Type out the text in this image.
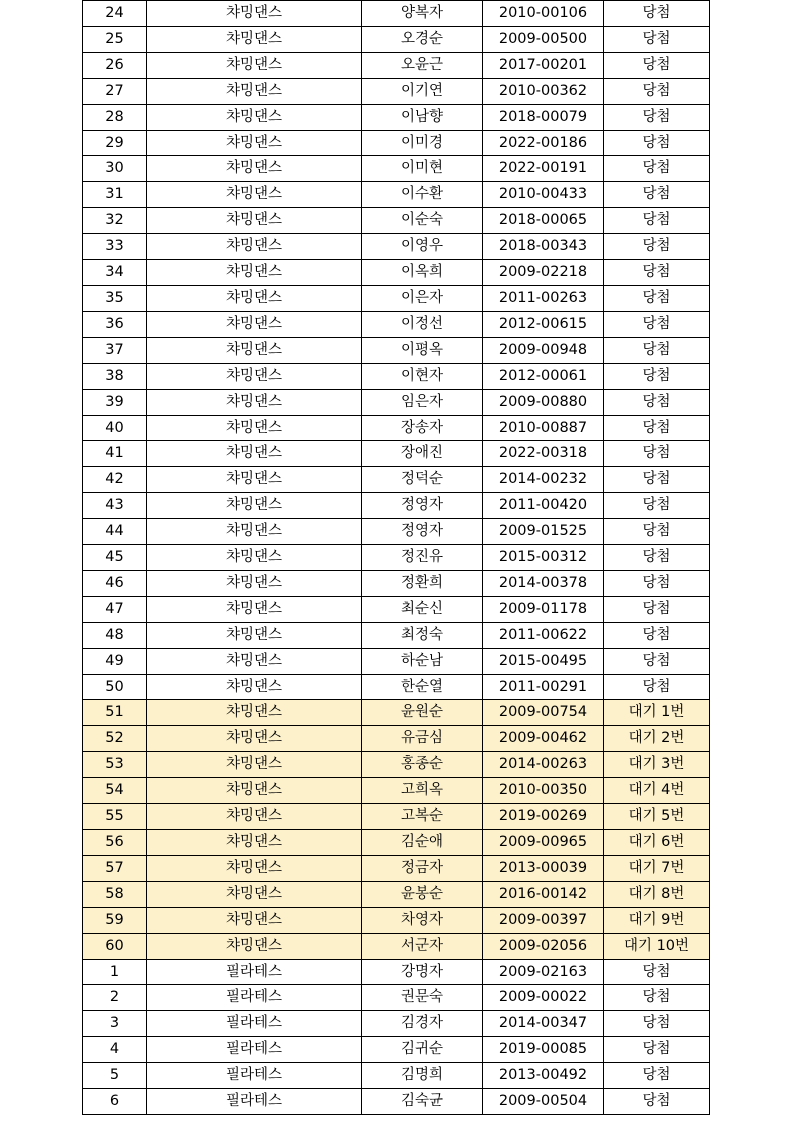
24	챠밍댄스	양복자	2010-00106	당첨
25	챠밍댄스	오경순	2009-00500	당첨
26	챠밍댄스	오윤근	2017-00201	당첨
27	챠밍댄스	이기연	2010-00362	당첨
28	챠밍댄스	이남향	2018-00079	당첨
29	챠밍댄스	이미경	2022-00186	당첨
30	챠밍댄스	이미현	2022-00191	당첨
31	챠밍댄스	이수환	2010-00433	당첨
32	챠밍댄스	이순숙	2018-00065	당첨
33	챠밍댄스	이영우	2018-00343	당첨
34	챠밍댄스	이옥희	2009-02218	당첨
35	챠밍댄스	이은자	2011-00263	당첨
36	챠밍댄스	이정선	2012-00615	당첨
37	챠밍댄스	이평옥	2009-00948	당첨
38	챠밍댄스	이현자	2012-00061	당첨
39	챠밍댄스	임은자	2009-00880	당첨
40	챠밍댄스	장송자	2010-00887	당첨
41	챠밍댄스	장애진	2022-00318	당첨
42	챠밍댄스	정덕순	2014-00232	당첨
43	챠밍댄스	정영자	2011-00420	당첨
44	챠밍댄스	정영자	2009-01525	당첨
45	챠밍댄스	정진유	2015-00312	당첨
46	챠밍댄스	정환희	2014-00378	당첨
47	챠밍댄스	최순신	2009-01178	당첨
48	챠밍댄스	최정숙	2011-00622	당첨
49	챠밍댄스	하순남	2015-00495	당첨
50	챠밍댄스	한순열	2011-00291	당첨
51	챠밍댄스	윤원순	2009-00754	대기 1번
52	챠밍댄스	유금심	2009-00462	대기 2번
53	챠밍댄스	홍종순	2014-00263	대기 3번
54	챠밍댄스	고희옥	2010-00350	대기 4번
55	챠밍댄스	고복순	2019-00269	대기 5번
56	챠밍댄스	김순애	2009-00965	대기 6번
57	챠밍댄스	정금자	2013-00039	대기 7번
58	챠밍댄스	윤봉순	2016-00142	대기 8번
59	챠밍댄스	차영자	2009-00397	대기 9번
60	챠밍댄스	서군자	2009-02056	대기 10번
1	필라테스	강명자	2009-02163	당첨
2	필라테스	권문숙	2009-00022	당첨
3	필라테스	김경자	2014-00347	당첨
4	필라테스	김귀순	2019-00085	당첨
5	필라테스	김명희	2013-00492	당첨
6	필라테스	김숙균	2009-00504	당첨
